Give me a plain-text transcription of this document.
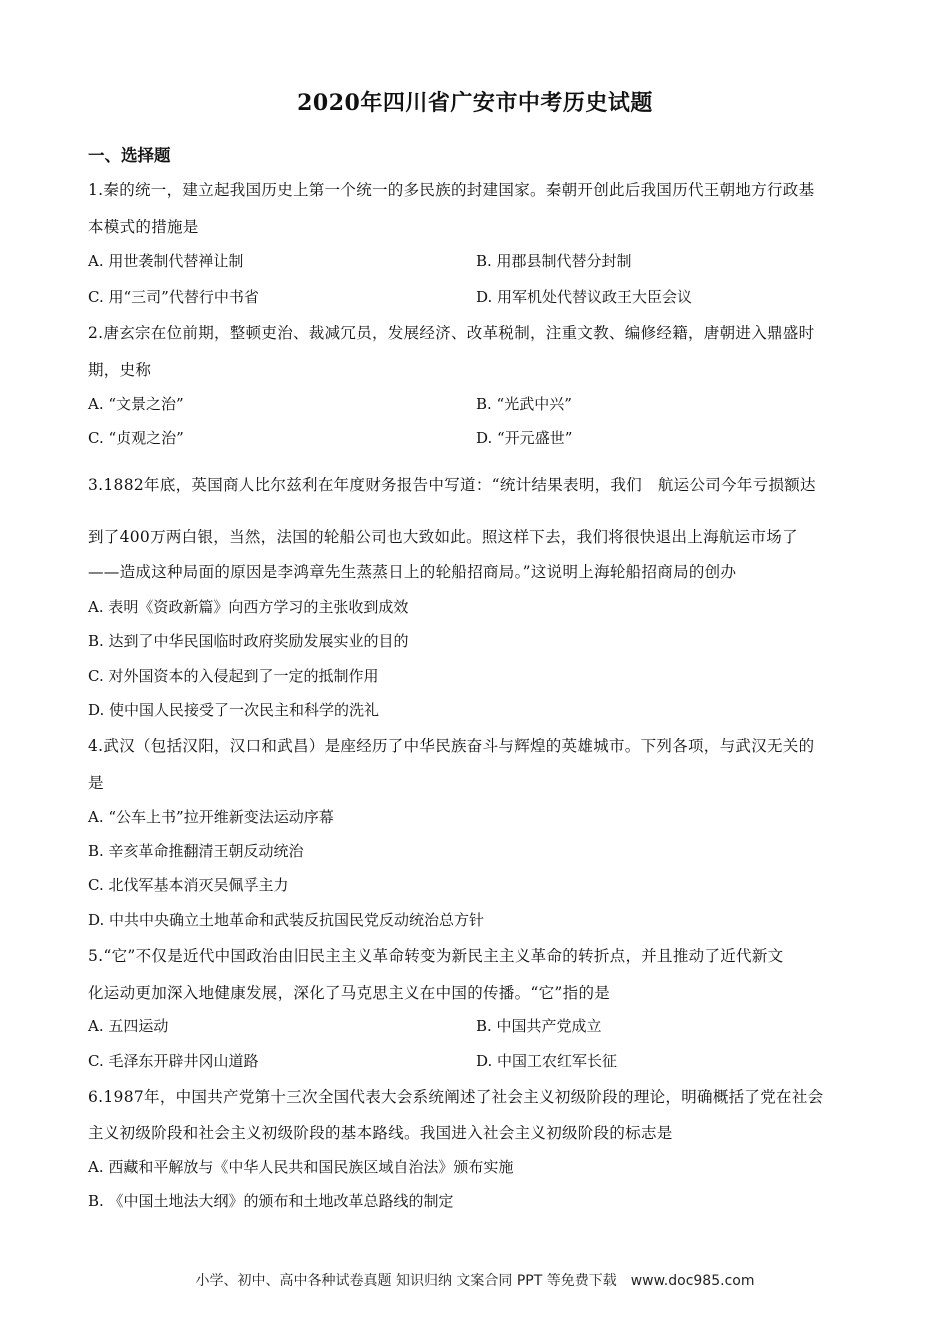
2020年四川省广安市中考历史试题
一、选择题
1.秦的统一，建立起我国历史上第一个统一的多民族的封建国家。秦朝开创此后我国历代王朝地方行政基
本模式的措施是
A. 用世袭制代替禅让制	B. 用郡县制代替分封制
C. 用“三司”代替行中书省	D. 用军机处代替议政王大臣会议
2.唐玄宗在位前期，整顿吏治、裁减冗员，发展经济、改革税制，注重文教、编修经籍，唐朝进入鼎盛时
期，史称
A. “文景之治”	B. “光武中兴”
C. “贞观之治”	D. “开元盛世”
3.1882年底，英国商人比尔兹利在年度财务报告中写道：“统计结果表明，我们　航运公司今年亏损额达
到了400万两白银，当然，法国的轮船公司也大致如此。照这样下去，我们将很快退出上海航运市场了
——造成这种局面的原因是李鸿章先生蒸蒸日上的轮船招商局。”这说明上海轮船招商局的创办
A. 表明《资政新篇》向西方学习的主张收到成效
B. 达到了中华民国临时政府奖励发展实业的目的
C. 对外国资本的入侵起到了一定的抵制作用
D. 使中国人民接受了一次民主和科学的洗礼
4.武汉（包括汉阳，汉口和武昌）是座经历了中华民族奋斗与辉煌的英雄城市。下列各项，与武汉无关的
是
A. “公车上书”拉开维新变法运动序幕
B. 辛亥革命推翻清王朝反动统治
C. 北伐军基本消灭吴佩孚主力
D. 中共中央确立土地革命和武装反抗国民党反动统治总方针
5.“它”不仅是近代中国政治由旧民主主义革命转变为新民主主义革命的转折点，并且推动了近代新文
化运动更加深入地健康发展，深化了马克思主义在中国的传播。“它”指的是
A. 五四运动	B. 中国共产党成立
C. 毛泽东开辟井冈山道路	D. 中国工农红军长征
6.1987年，中国共产党第十三次全国代表大会系统阐述了社会主义初级阶段的理论，明确概括了党在社会
主义初级阶段和社会主义初级阶段的基本路线。我国进入社会主义初级阶段的标志是
A. 西藏和平解放与《中华人民共和国民族区域自治法》颁布实施
B. 《中国土地法大纲》的颁布和土地改革总路线的制定
小学、初中、高中各种试卷真题 知识归纳 文案合同 PPT 等免费下载　www.doc985.com
